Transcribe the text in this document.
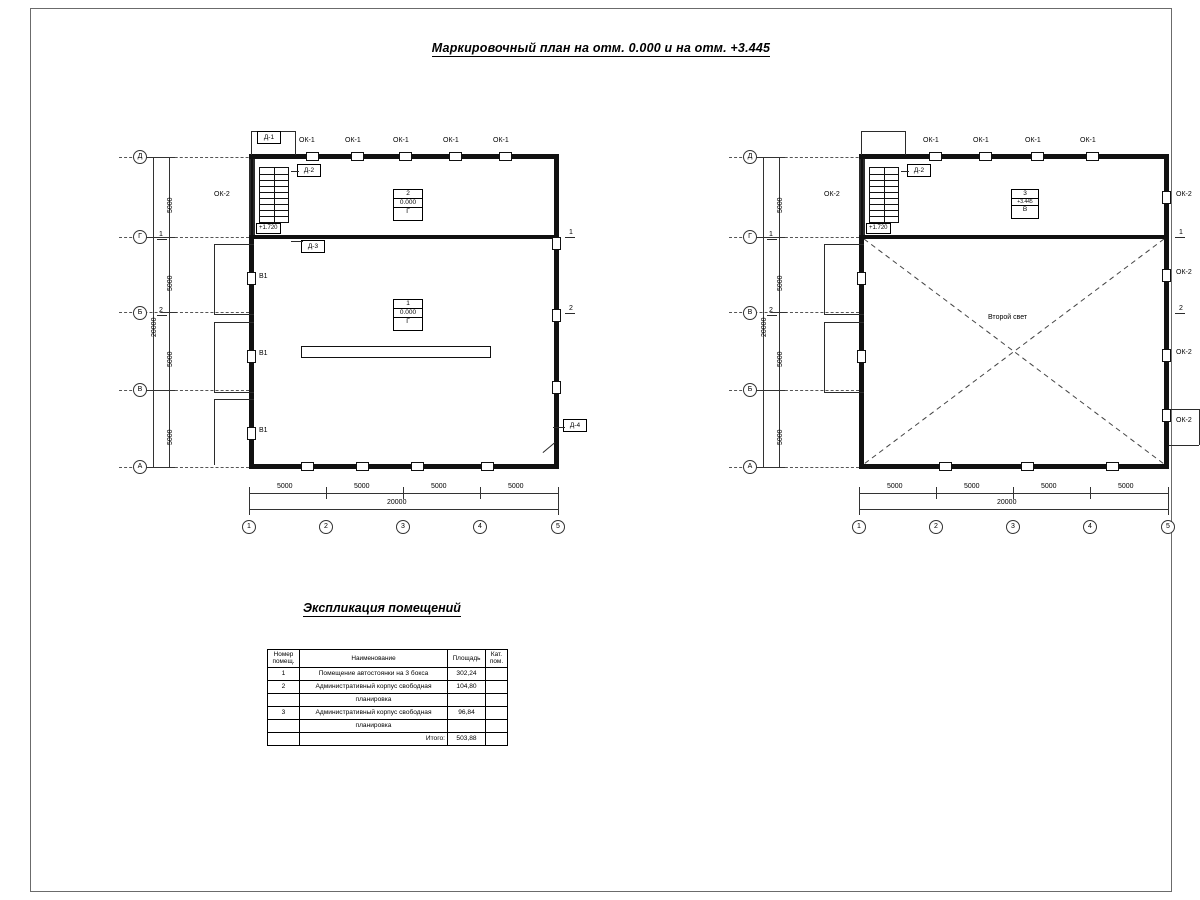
Маркировочный план на отм. 0.000 и на отм. +3.445
Д
Г
В
Б
А
5000
5000
5000
5000
20000
+1.720
В1
В1
В1
ОК-1	ОК-1	ОК-1	ОК-1	ОК-1
ОК-2
Д-1
Д-2
Д-3
Д-4
2
0.000
Г
1
0.000
Г
1
2
1
2
5000	5000	5000	5000
20000
1	2	3	4	5
Д
Г
В
Б
А
5000
5000
5000
5000
20000
+1.720
ОК-1	ОК-1	ОК-1	ОК-1
ОК-2
ОК-2
ОК-2
ОК-2
ОК-2
Д-2
Второй свет
3
+3.445
В
1
2
1
2
5000	5000	5000	5000
20000
1	2	3	4	5
Экспликация помещений
Номер помещ.	Наименование	Площадь	Кат. пом.
1	Помещение автостоянки на 3 бокса	302,24	
2	Административный корпус свободная	104,80	
	планировка		
3	Административный корпус свободная	96,84	
	планировка		
	Итого:	503,88	
